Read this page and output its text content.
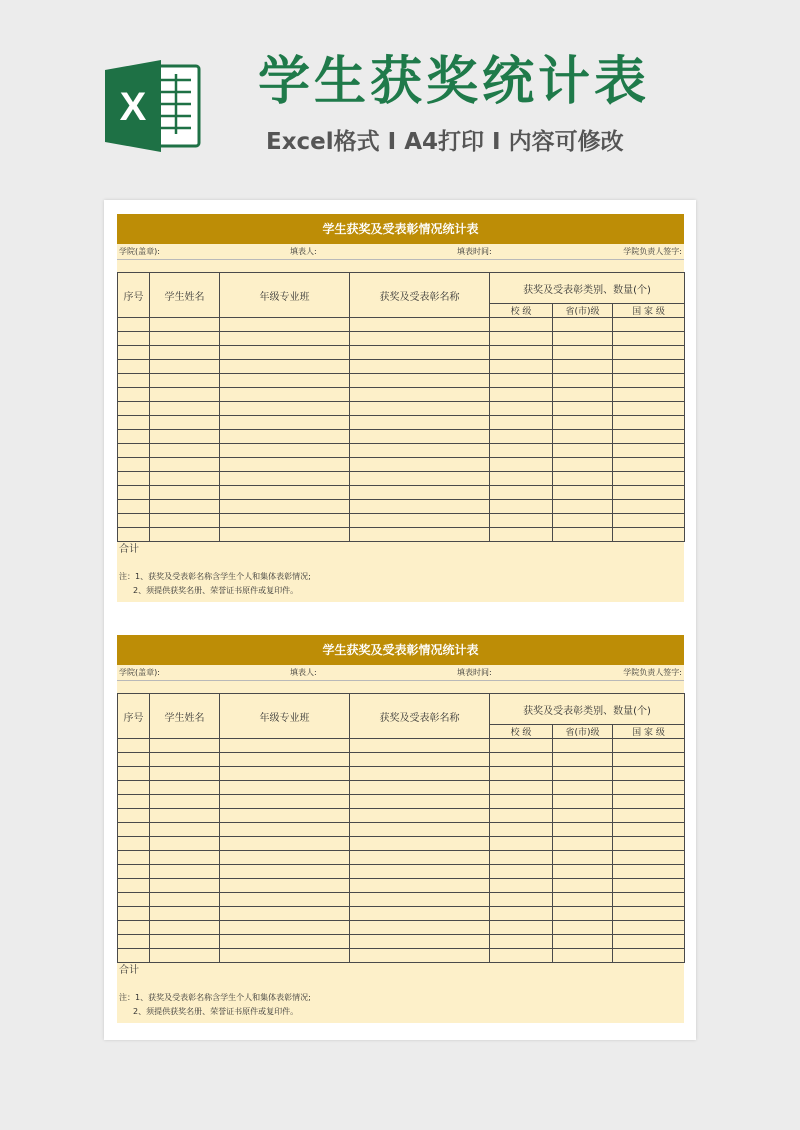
X 学生获奖统计表
Excel格式 I A4打印 I 内容可修改
学生获奖及受表彰情况统计表
学院(盖章):	填表人:	填表时间:	学院负责人签字:
序号	学生姓名	年级专业班	获奖及受表彰名称	获奖及受表彰类别、数量(个)		
				校 级	省(市)级	国 家 级

合计
注：1、获奖及受表彰名称含学生个人和集体表彰情况;
2、须提供获奖名册、荣誉证书原件或复印件。
学生获奖及受表彰情况统计表
学院(盖章):	填表人:	填表时间:	学院负责人签字:
序号	学生姓名	年级专业班	获奖及受表彰名称	获奖及受表彰类别、数量(个)		
				校 级	省(市)级	国 家 级

合计
注：1、获奖及受表彰名称含学生个人和集体表彰情况;
2、须提供获奖名册、荣誉证书原件或复印件。
